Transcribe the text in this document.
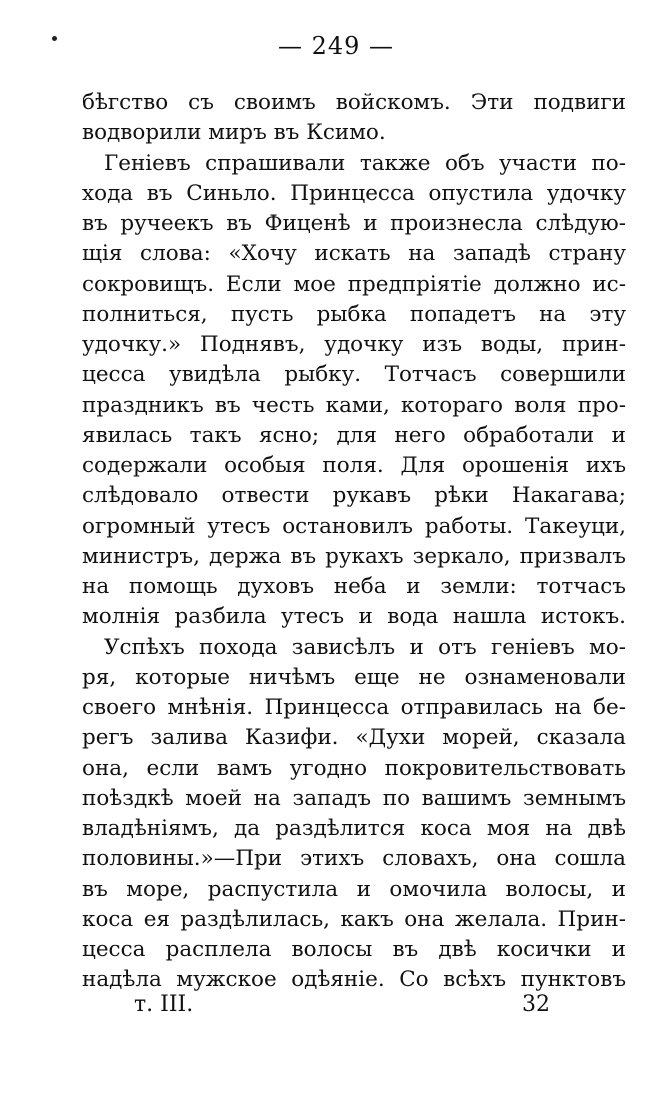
— 249 —
бѣгство съ своимъ войскомъ. Эти подвиги
водворили миръ въ Ксимо.
Геніевъ спрашивали также объ участи по-
хода въ Синьло. Принцесса опустила удочку
въ ручеекъ въ Фиценѣ и произнесла слѣдую-
щія слова: «Хочу искать на западѣ страну
сокровищъ. Если мое предпріятіе должно ис-
полниться, пусть рыбка попадетъ на эту
удочку.» Поднявъ, удочку изъ воды, прин-
цесса увидѣла рыбку. Тотчасъ совершили
праздникъ въ честь ками, котораго воля про-
явилась такъ ясно; для него обработали и
содержали особыя поля. Для орошенія ихъ
слѣдовало отвести рукавъ рѣки Накагава;
огромный утесъ остановилъ работы. Такеуци,
министръ, держа въ рукахъ зеркало, призвалъ
на помощь духовъ неба и земли: тотчасъ
молнія разбила утесъ и вода нашла истокъ.
Успѣхъ похода зависѣлъ и отъ геніевъ мо-
ря, которые ничѣмъ еще не ознаменовали
своего мнѣнія. Принцесса отправилась на бе-
регъ залива Казифи. «Духи морей, сказала
она, если вамъ угодно покровительствовать
поѣздкѣ моей на западъ по вашимъ земнымъ
владѣніямъ, да раздѣлится коса моя на двѣ
половины.»—При этихъ словахъ, она сошла
въ море, распустила и омочила волосы, и
коса ея раздѣлилась, какъ она желала. Прин-
цесса расплела волосы въ двѣ косички и
надѣла мужское одѣяніе. Со всѣхъ пунктовъ
т. III.	32
